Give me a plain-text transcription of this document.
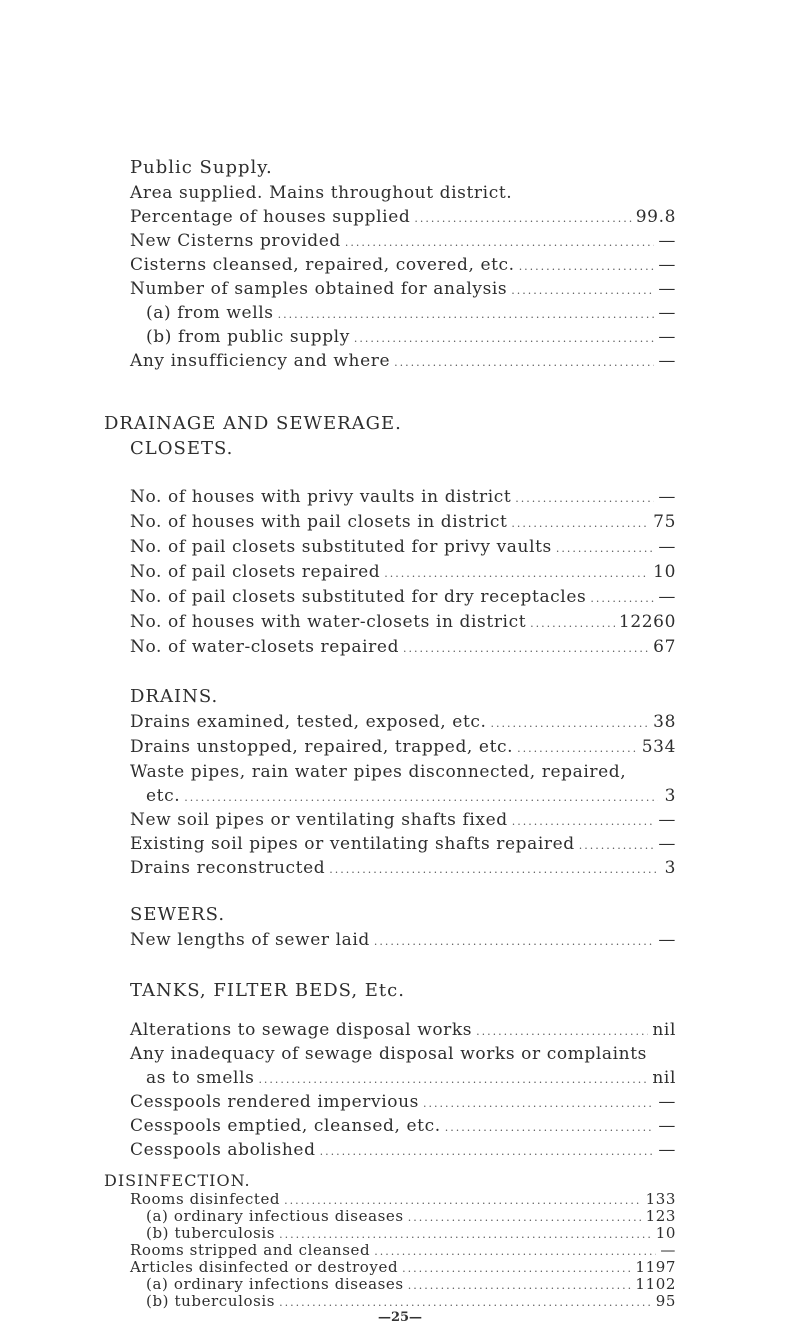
Public Supply.
Area supplied. Mains throughout district.
Percentage of houses supplied .....	99.8
New Cisterns provided .....	—
Cisterns cleansed, repaired, covered, etc. .....	—
Number of samples obtained for analysis .....	—
(a) from wells .....	—
(b) from public supply .....	—
Any insufficiency and where .....	—
DRAINAGE AND SEWERAGE.
CLOSETS.
No. of houses with privy vaults in district .....	—
No. of houses with pail closets in district .....	75
No. of pail closets substituted for privy vaults .....	—
No. of pail closets repaired .....	10
No. of pail closets substituted for dry receptacles .....	—
No. of houses with water-closets in district .....	12260
No. of water-closets repaired .....	67
DRAINS.
Drains examined, tested, exposed, etc. .....	38
Drains unstopped, repaired, trapped, etc. .....	534
Waste pipes, rain water pipes disconnected, repaired,
etc. .....	3
New soil pipes or ventilating shafts fixed .....	—
Existing soil pipes or ventilating shafts repaired .....	—
Drains reconstructed .....	3
SEWERS.
New lengths of sewer laid .....	—
TANKS, FILTER BEDS, Etc.
Alterations to sewage disposal works .....	nil
Any inadequacy of sewage disposal works or complaints
as to smells .....	nil
Cesspools rendered impervious .....	—
Cesspools emptied, cleansed, etc. .....	—
Cesspools abolished .....	—
DISINFECTION.
Rooms disinfected .....	133
(a) ordinary infectious diseases .....	123
(b) tuberculosis .....	10
Rooms stripped and cleansed .....	—
Articles disinfected or destroyed .....	1197
(a) ordinary infections diseases .....	1102
(b) tuberculosis .....	95
—25—
